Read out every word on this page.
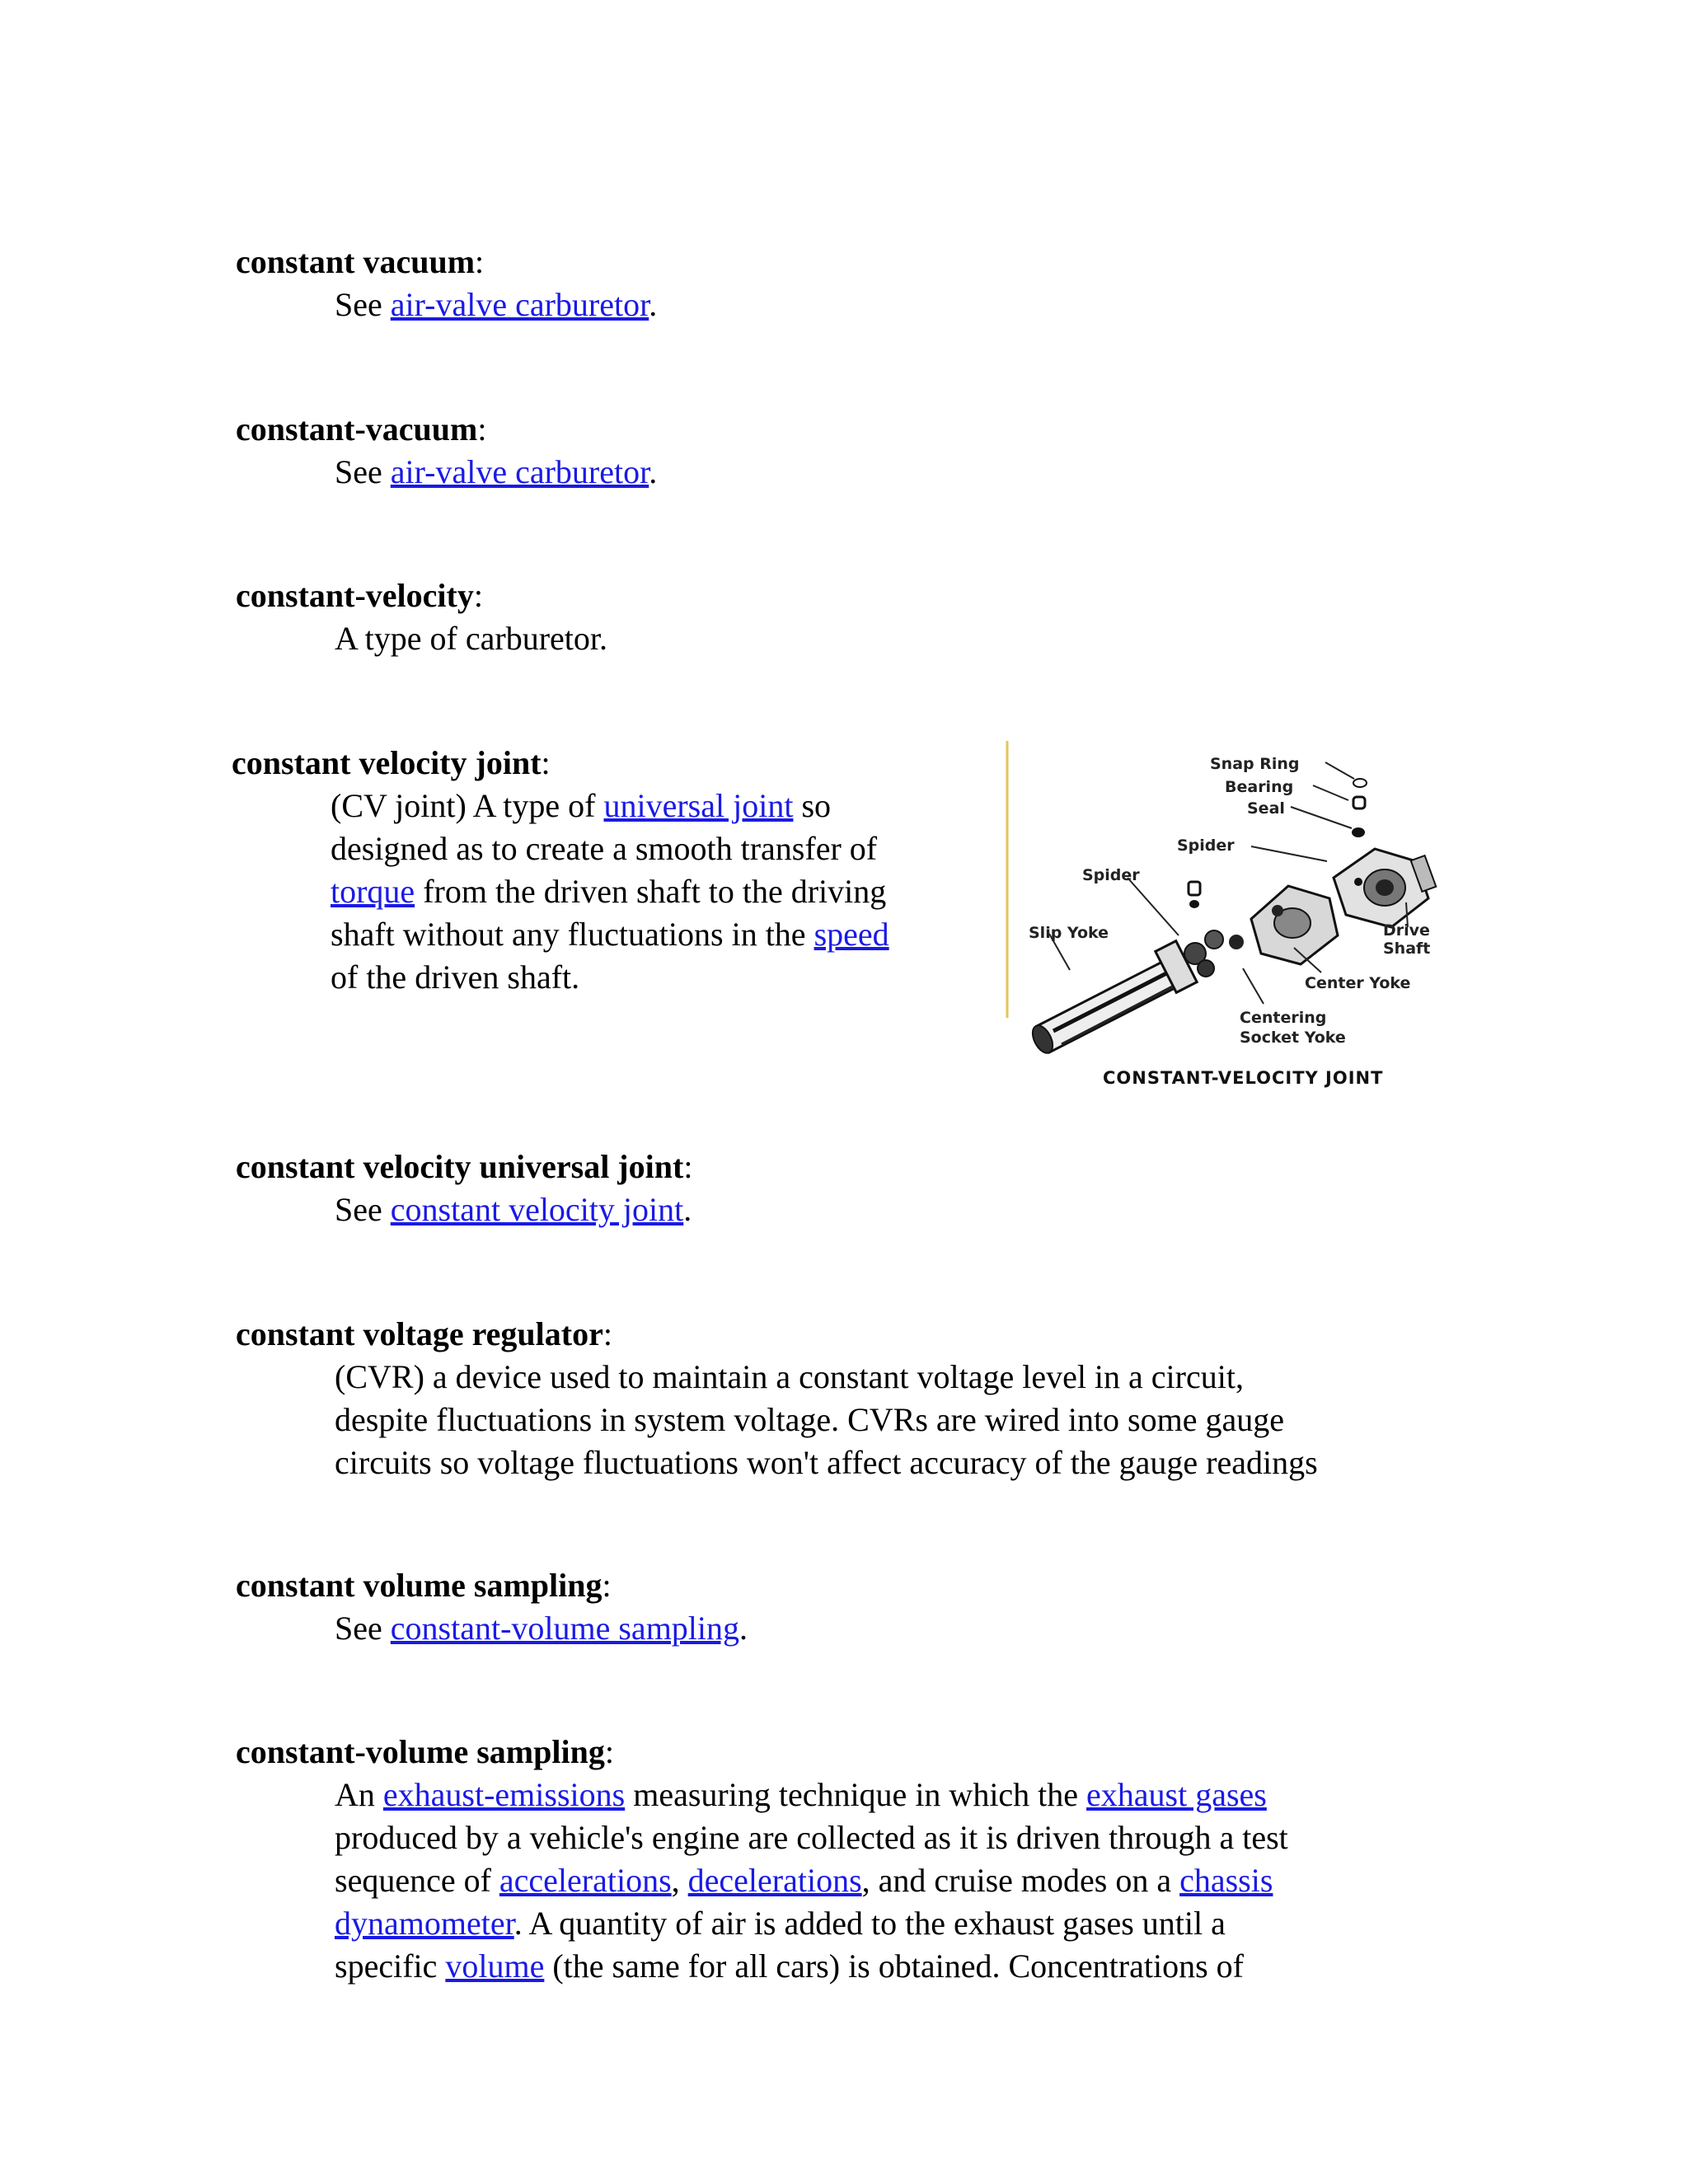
constant vacuum:
See air-valve carburetor.
constant-vacuum:
See air-valve carburetor.
constant-velocity:
A type of carburetor.
constant velocity joint:
(CV joint) A type of universal joint so
designed as to create a smooth transfer of
torque from the driven shaft to the driving
shaft without any fluctuations in the speed
of the driven shaft.
constant velocity universal joint:
See constant velocity joint.
constant voltage regulator:
(CVR) a device used to maintain a constant voltage level in a circuit,
despite fluctuations in system voltage. CVRs are wired into some gauge
circuits so voltage fluctuations won't affect accuracy of the gauge readings
constant volume sampling:
See constant-volume sampling.
constant-volume sampling:
An exhaust-emissions measuring technique in which the exhaust gases
produced by a vehicle's engine are collected as it is driven through a test
sequence of accelerations, decelerations, and cruise modes on a chassis
dynamometer. A quantity of air is added to the exhaust gases until a
specific volume (the same for all cars) is obtained. Concentrations of
Snap Ring
Bearing
Seal
Spider
Spider
Slip Yoke	Drive
Shaft
Center Yoke
Centering
Socket Yoke
CONSTANT-VELOCITY JOINT
